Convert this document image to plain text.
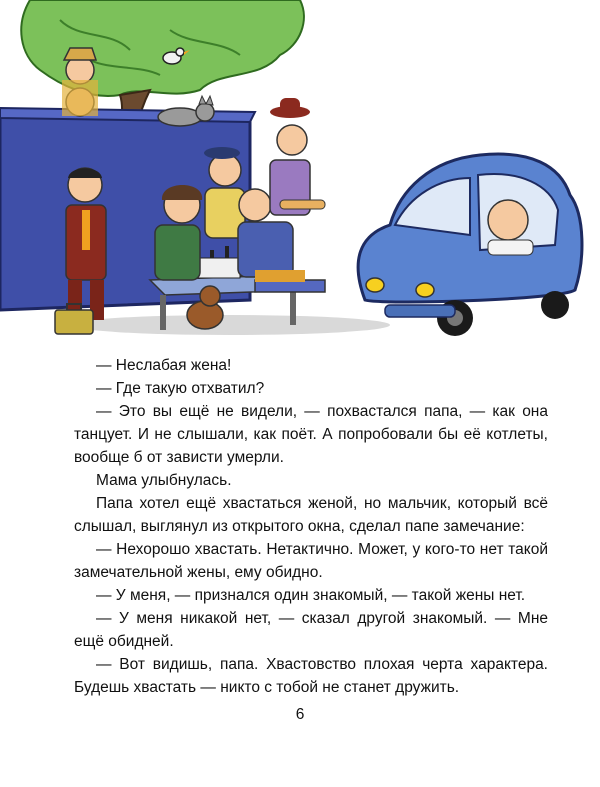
— Неслабая жена!

— Где такую отхватил?

— Это вы ещё не видели, — похвастался папа, — как она танцует. И не слышали, как поёт. А попробовали бы её котлеты, вообще б от зависти умерли.

Мама улыбнулась.

Папа хотел ещё хвастаться женой, но мальчик, который всё слышал, выглянул из открытого окна, сделал папе замечание:

— Нехорошо хвастать. Нетактично. Может, у кого-то нет такой замечательной жены, ему обидно.

— У меня, — признался один знакомый, — такой жены нет.

— У меня никакой нет, — сказал другой знакомый. — Мне ещё обидней.

— Вот видишь, папа. Хвастовство плохая черта характера. Будешь хвастать — никто с тобой не станет дружить.

6
